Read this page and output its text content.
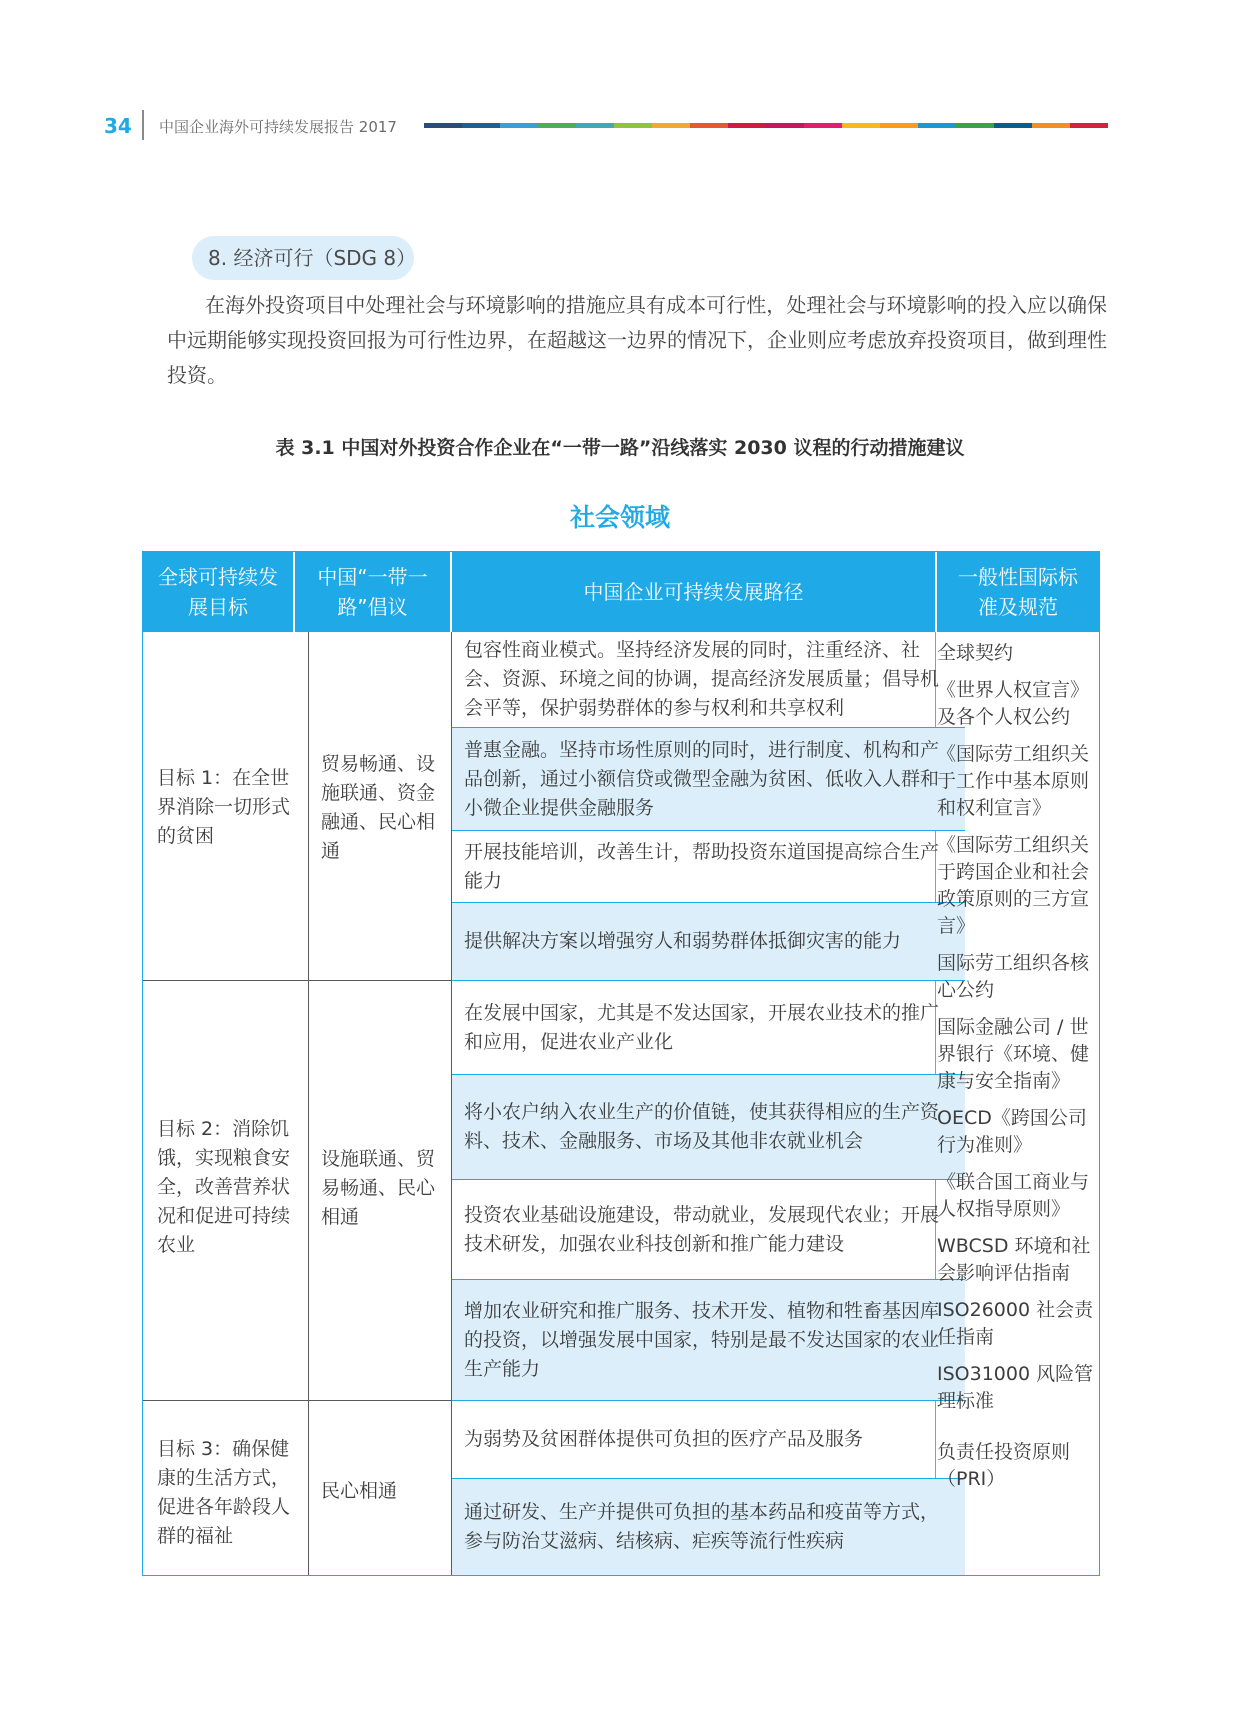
34 中国企业海外可持续发展报告 2017
8. 经济可行（SDG 8）
在海外投资项目中处理社会与环境影响的措施应具有成本可行性，处理社会与环境影响的投入应以确保中远期能够实现投资回报为可行性边界，在超越这一边界的情况下，企业则应考虑放弃投资项目，做到理性投资。
表 3.1 中国对外投资合作企业在“一带一路”沿线落实 2030 议程的行动措施建议
社会领域
全球可持续发展目标
中国“一带一路”倡议
中国企业可持续发展路径
一般性国际标准及规范
目标 1：在全世界消除一切形式的贫困
贸易畅通、设施联通、资金融通、民心相通
目标 2：消除饥饿，实现粮食安全，改善营养状况和促进可持续农业
设施联通、贸易畅通、民心相通
目标 3：确保健康的生活方式，促进各年龄段人群的福祉
民心相通
包容性商业模式。坚持经济发展的同时，注重经济、社会、资源、环境之间的协调，提高经济发展质量；倡导机会平等，保护弱势群体的参与权利和共享权利
普惠金融。坚持市场性原则的同时，进行制度、机构和产品创新，通过小额信贷或微型金融为贫困、低收入人群和小微企业提供金融服务
开展技能培训，改善生计，帮助投资东道国提高综合生产能力
提供解决方案以增强穷人和弱势群体抵御灾害的能力
在发展中国家，尤其是不发达国家，开展农业技术的推广和应用，促进农业产业化
将小农户纳入农业生产的价值链，使其获得相应的生产资料、技术、金融服务、市场及其他非农就业机会
投资农业基础设施建设，带动就业，发展现代农业；开展技术研发，加强农业科技创新和推广能力建设
增加农业研究和推广服务、技术开发、植物和牲畜基因库的投资，以增强发展中国家，特别是最不发达国家的农业生产能力
为弱势及贫困群体提供可负担的医疗产品及服务
通过研发、生产并提供可负担的基本药品和疫苗等方式，参与防治艾滋病、结核病、疟疾等流行性疾病
全球契约
《世界人权宣言》及各个人权公约
《国际劳工组织关于工作中基本原则和权利宣言》
《国际劳工组织关于跨国企业和社会政策原则的三方宣言》
国际劳工组织各核心公约
国际金融公司 / 世界银行《环境、健康与安全指南》
OECD《跨国公司行为准则》
《联合国工商业与人权指导原则》
WBCSD 环境和社会影响评估指南
ISO26000 社会责任指南
ISO31000 风险管理标准
负责任投资原则（PRI）
